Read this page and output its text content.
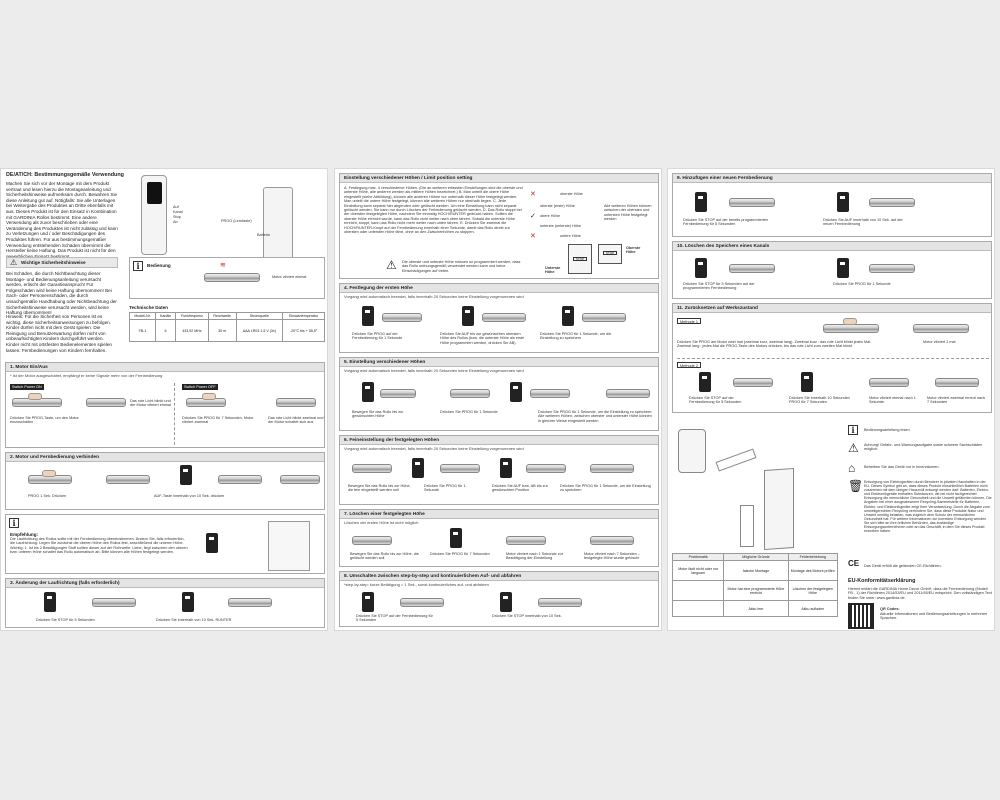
DE/AT/CH: Bestimmungsgemäße Verwendung
Machen Sie sich vor der Montage mit dem Produkt vertraut und lesen hierzu die Montageanleitung und Sicherheitshinweise aufmerksam durch. Bewahren Sie diese Anleitung gut auf. Nötigfalls: Sie alle Unterlagen bei Weitergabe des Produktes an Dritte ebenfalls mit aus. Dieses Produkt ist für den Einsatz in Kombination mit GARDINIA Rollos bestimmt. Eine andere Verwendung als zuvor beschrieben oder eine Veränderung des Produktes ist nicht zulässig und kann zu Verletzungen und / oder Beschädigungen des Produktes führen. Für aus bestimmungsgemäßer Verwendung entstehenden Schäden übernimmt der Hersteller keine Haftung. Das Produkt ist nicht für den
⚠ Wichtige Sicherheitshinweise
Bei Schäden, die durch Nichtbeachtung dieser Montage- und Bedienungsanleitung verursacht werden, erlischt der Garantieanspruch! Für Folgeschäden wird keine Haftung übernommen! Bei Sach- oder Personenschäden, die durch unsachgemäße Handhabung oder Nichtbeachtung der Sicherheitshinweise verursacht werden, wird keine Haftung übernommen!
Hinweis: Für die Sicherheit von Personen ist es wichtig, diese Sicherheitsanweisungen zu befolgen. Kinder dürfen nicht mit dem Gerät spielen. Die Reinigung und Benutzerwartung dürfen nicht von unbeaufsichtigten Kindern durchgeführt werden. Kinder nicht mit ortsfesten Bedienelementen spielen lassen. Fernbedienungen von Kindern fernhalten.
Auf
Kanal
Stop
Ab	PROG (Lernfaste)
Batterie
i	Bedienung	≋
Motor vibriert einmal
Technische Daten
Modell-Nr.	Kanäle	Funkfrequenz	Reichweite	Stromquelle	Einsatztemperatur
FB-1	6	433,92 MHz	30 m	AAA LR03 1,5 V (3x)	-20°C bis + 55,5°
1. Motor Ein/Aus
* Ist der Motor ausgeschaltet, empfängt er keine Signale mehr von der Fernbedienung
Switch Power ON	Switch Power OFF
Drücken Sie PROG-Taste, um den Motor einzuschalten
Das rote Licht blinkt und der Motor vibriert einmal
Drücken Sie PROG für 7 Sekunden, Motor vibriert zweimal
Das rote Licht blinkt zweimal und der Motor schaltet sich aus
2. Motor und Fernbedienung verbinden
PROG 1 Sek. Drücken	AUF-Taste innerhalb von 10 Sek. drücken
i
Empfehlung:
Die Laufrichtung des Rollos sollte mit der Fernbedienung übereinstimmen. Ändern Sie, falls erforderlich, die Laufrichtung. Legen Sie zunächst die oberen Höhe des Rollos fest, anschließend die unteren Höhe. Wichtig: 1. Ist bis 2 Bestätigungen Stoff sollten dieser auf der Rohrwelle. Liebe, liegt zwischen den oberen bzw. unteren Höhe schaltet das Rollo automatisch ab. Bitte können alle Höhen festgelegt werden.
3. Änderung der Laufrichtung (falls erforderlich)
Drücken Sie STOP für 5 Sekunden	Drücken Sie innerhalb von 10 Sek. RUNTER
Einstellung verschiedener Höhen / Limit position setting
A. Festlegung max. 4 verschiedener Höhen. (Die an weiteren erfassten Einstellungen sind die oberste und unterste Höhe, alle anderen werden als mittlere Höhen bezeichnet.) B. Man unteilt die obere Höhe eingestellt (siehe Abbildung), können alle anderen Höhen nur unterhalb dieser Höhe festgelegt werden. Man unteilt die untere Höhe festgelegt, können alle weiteren Höhen nur oberhalb liegen. C. Jede Einstellung kann separat hier abgerufen oder gelöscht werden. Um eine Einstellung kann nicht separat gelöscht werden. Sie kann nur durch Löschen der Ferbedienung gelöscht werden. D. Das Rollo stoppt bei der obersten festgelegten Höhe, nachdem Sie einmalig HOCH/RUNTER gedrückt haben. Sollten die oberste Höhe erreicht wurde, kann das Rollo nicht weiter nach oben fahren. Sobald die unterste Höhe erreicht, stoppt, kann das Rollo nicht mehr weiter nach unten fahren. E. Drücken Sie zweimal die HOCH/RUNTER-Knopf auf der Fernbedienung innerhalb einer Sekunde, damit das Rollo direkt zur obersten oder untersten Höhe fährt, ohne an den Zwischenhöhen zu stoppen.
✕	oberste Höhe
oberste (erste) Höhe
✓ obere Höhe
unterste (unterste) Höhe
✕	untere Höhe
Alle weiteren Höhen können zwischen der obersten und untersten Höhe festgelegt werden
STOP
STOP
Unterste Höhe
Oberste Höhe
⚠ Die oberste und unterste Höhe müssen so programmiert werden, dass das Rollo ordnungsgemäß verwendet werden kann und keine Einschädigungen auf treten.
4. Festlegung der ersten Höhe
Vorgang wird automatisch beendet, falls innerhalb 20 Sekunden keine Einstellung vorgenommen wird
Drücken Sie PROG auf der Fernbedienung für 1 Sekunde
Drücken Sie AUF bis zur gewünschten obersten Höhe des Rollos (bzw. die unterste Höhe als erste Höhe programmiert werden, drücken Sie AB)
Drücken Sie PROG für 1 Sekunde, um die Einstellung zu speichern
5. Einstellung verschiedener Höhen
Vorgang wird automatisch beendet, falls innerhalb 20 Sekunden keine Einstellung vorgenommen wird
Bewegen Sie das Rollo bis zur gewünschten Höhe
Drücken Sie PROG für 1 Sekunde	Drücken Sie PROG für 1 Sekunde, um die Einstellung zu speichern. Alle weiteren Höhen, zwischen oberster und unterster Höhe können in gleicher Weise eingestellt werden
6. Feineinstellung der festgelegten Höhen
Vorgang wird automatisch beendet, falls innerhalb 20 Sekunden keine Einstellung vorgenommen wird
Bewegen Sie das Rollo bis zur Höhe, die fein eingestellt werden soll
Drücken Sie PROG für 1 Sekunde
Drücken Sie AUF bzw. AB bis zur gewünschten Position
Drücken Sie PROG für 1 Sekunde, um die Einstellung zu speichern
7. Löschen einer festgelegten Höhe
Löschen der ersten Höhe ist nicht möglich
Bewegen Sie das Rollo bis zur Höhe, die gelöscht werden soll
Drücken Sie PROG für 7 Sekunden	Motor vibriert nach 1 Sekunde zur Bestätigung der Einstellung
Motor vibriert nach 7 Sekunden – festgelegte Höhe wurde gelöscht
8. Umschalten zwischen step-by-step und kontinuierlichem Auf- und abfahren
*step-by-step: kurze Betätigung = 1 Sek., sonst kontinuierliches auf- und abfahren
Drücken Sie STOP auf der Fernbedienung für 5 Sekunden
Drücken Sie STOP innerhalb von 10 Sek.
9. Hinzufügen einer neuen Fernbedienung
Drücken Sie STOP auf der bereits programmierten Fernbedienung für 5 Sekunden
Drücken Sie AUF innerhalb von 10 Sek. auf der neuen Fernbedienung
10. Löschen des Speichers eines Kanals
Drücken Sie STOP für 5 Sekunden auf der programmierten Fernbedienung
Drücken Sie PROG für 1 Sekunde
11. Zurücksetzen auf Werkszustand
Methode 1
Drücken Sie PROG am Motor zwei mal (zweimal kurz, zweimal lang). Zweimal kurz : das rote Licht blinkt jedes Mal. Zweimal lang : jedes Mal die PROG-Taste des Motors drücken, bis das rote Licht zum zweiten Mal blinkt
Motor vibriert 2 mal
Methode 2
Drücken Sie STOP auf der Fernbedienung für 5 Sekunden
Drücken Sie innerhalb 10 Sekunden PROG für 7 Sekunden
Motor vibriert einmal nach 1 Sekunde
Motor vibriert zweimal erneut nach 7 Sekunden
i	Bedienungsanleitung lesen.
⚠ Achtung! Gefahr- und Warnungsaufgabe sowie schwere Sachschäden möglich.
⌂ Betreiben Sie das Gerät nur in Innenräumen.
🗑 Entsorgung von Elektrogeräten durch Benutzer in privaten Haushalten in der EU. Dieses Symbol gibt an, dass dieses Produkt einschließlich Batterien nicht zusammen mit dem übrigen Hausmüll entsorgt werden darf. Batterien, Elektro- und Elektronikgeräte enthalten Substanzen, die bei nicht fachgerechter Entsorgung die menschliche Gesundheit und die Umwelt gefährden können. Die Angaben bei einer ausgewiesenen Recycling-Sammelstelle für Batterien, Elektro- und Elektronikgeräte zeigt Ihrer Verantwortung. Durch die Abgabe zum umweltgerechten Recycling verhindern Sie, dass diese Produkte Natur und Umwelt unnötig belasten, was zugleich dem Schutz der menschlichen Gesundheit hat. Für weitere Informationen zur korrekten Entsorgung wenden Sie sich bitte an Ihre örtlichen Behörden, das zuständige Entsorgungsunternehmen oder an das Geschäft, in dem Sie dieses Produkt erworben haben.
CE Das Gerät erfüllt die geltenden CE-Richtlinien.
Problematik	Mögliche Gründe	Fehlerbehebung
Motor läuft nicht oder nur langsam	falsche Montage	Montage des Motors prüfen
	Motor hat eine programmierte Höhe erreicht	Löschen der festgelegten Höhe
	Akku leer	Akku aufladen
EU-Konformitätserklärung
Hiermit erklärt die GARDINIA Home Decor GmbH, dass die Fernbedienung (Modell FB - 1) der Richtlinien 2014/53/EU und 2011/65/EU entspricht. Den vollständigen Text finden Sie unter: www.gardinia.de.
QR Codes:
Aktuelle Informationen und Bedienungsanleitungen in mehreren Sprachen.
